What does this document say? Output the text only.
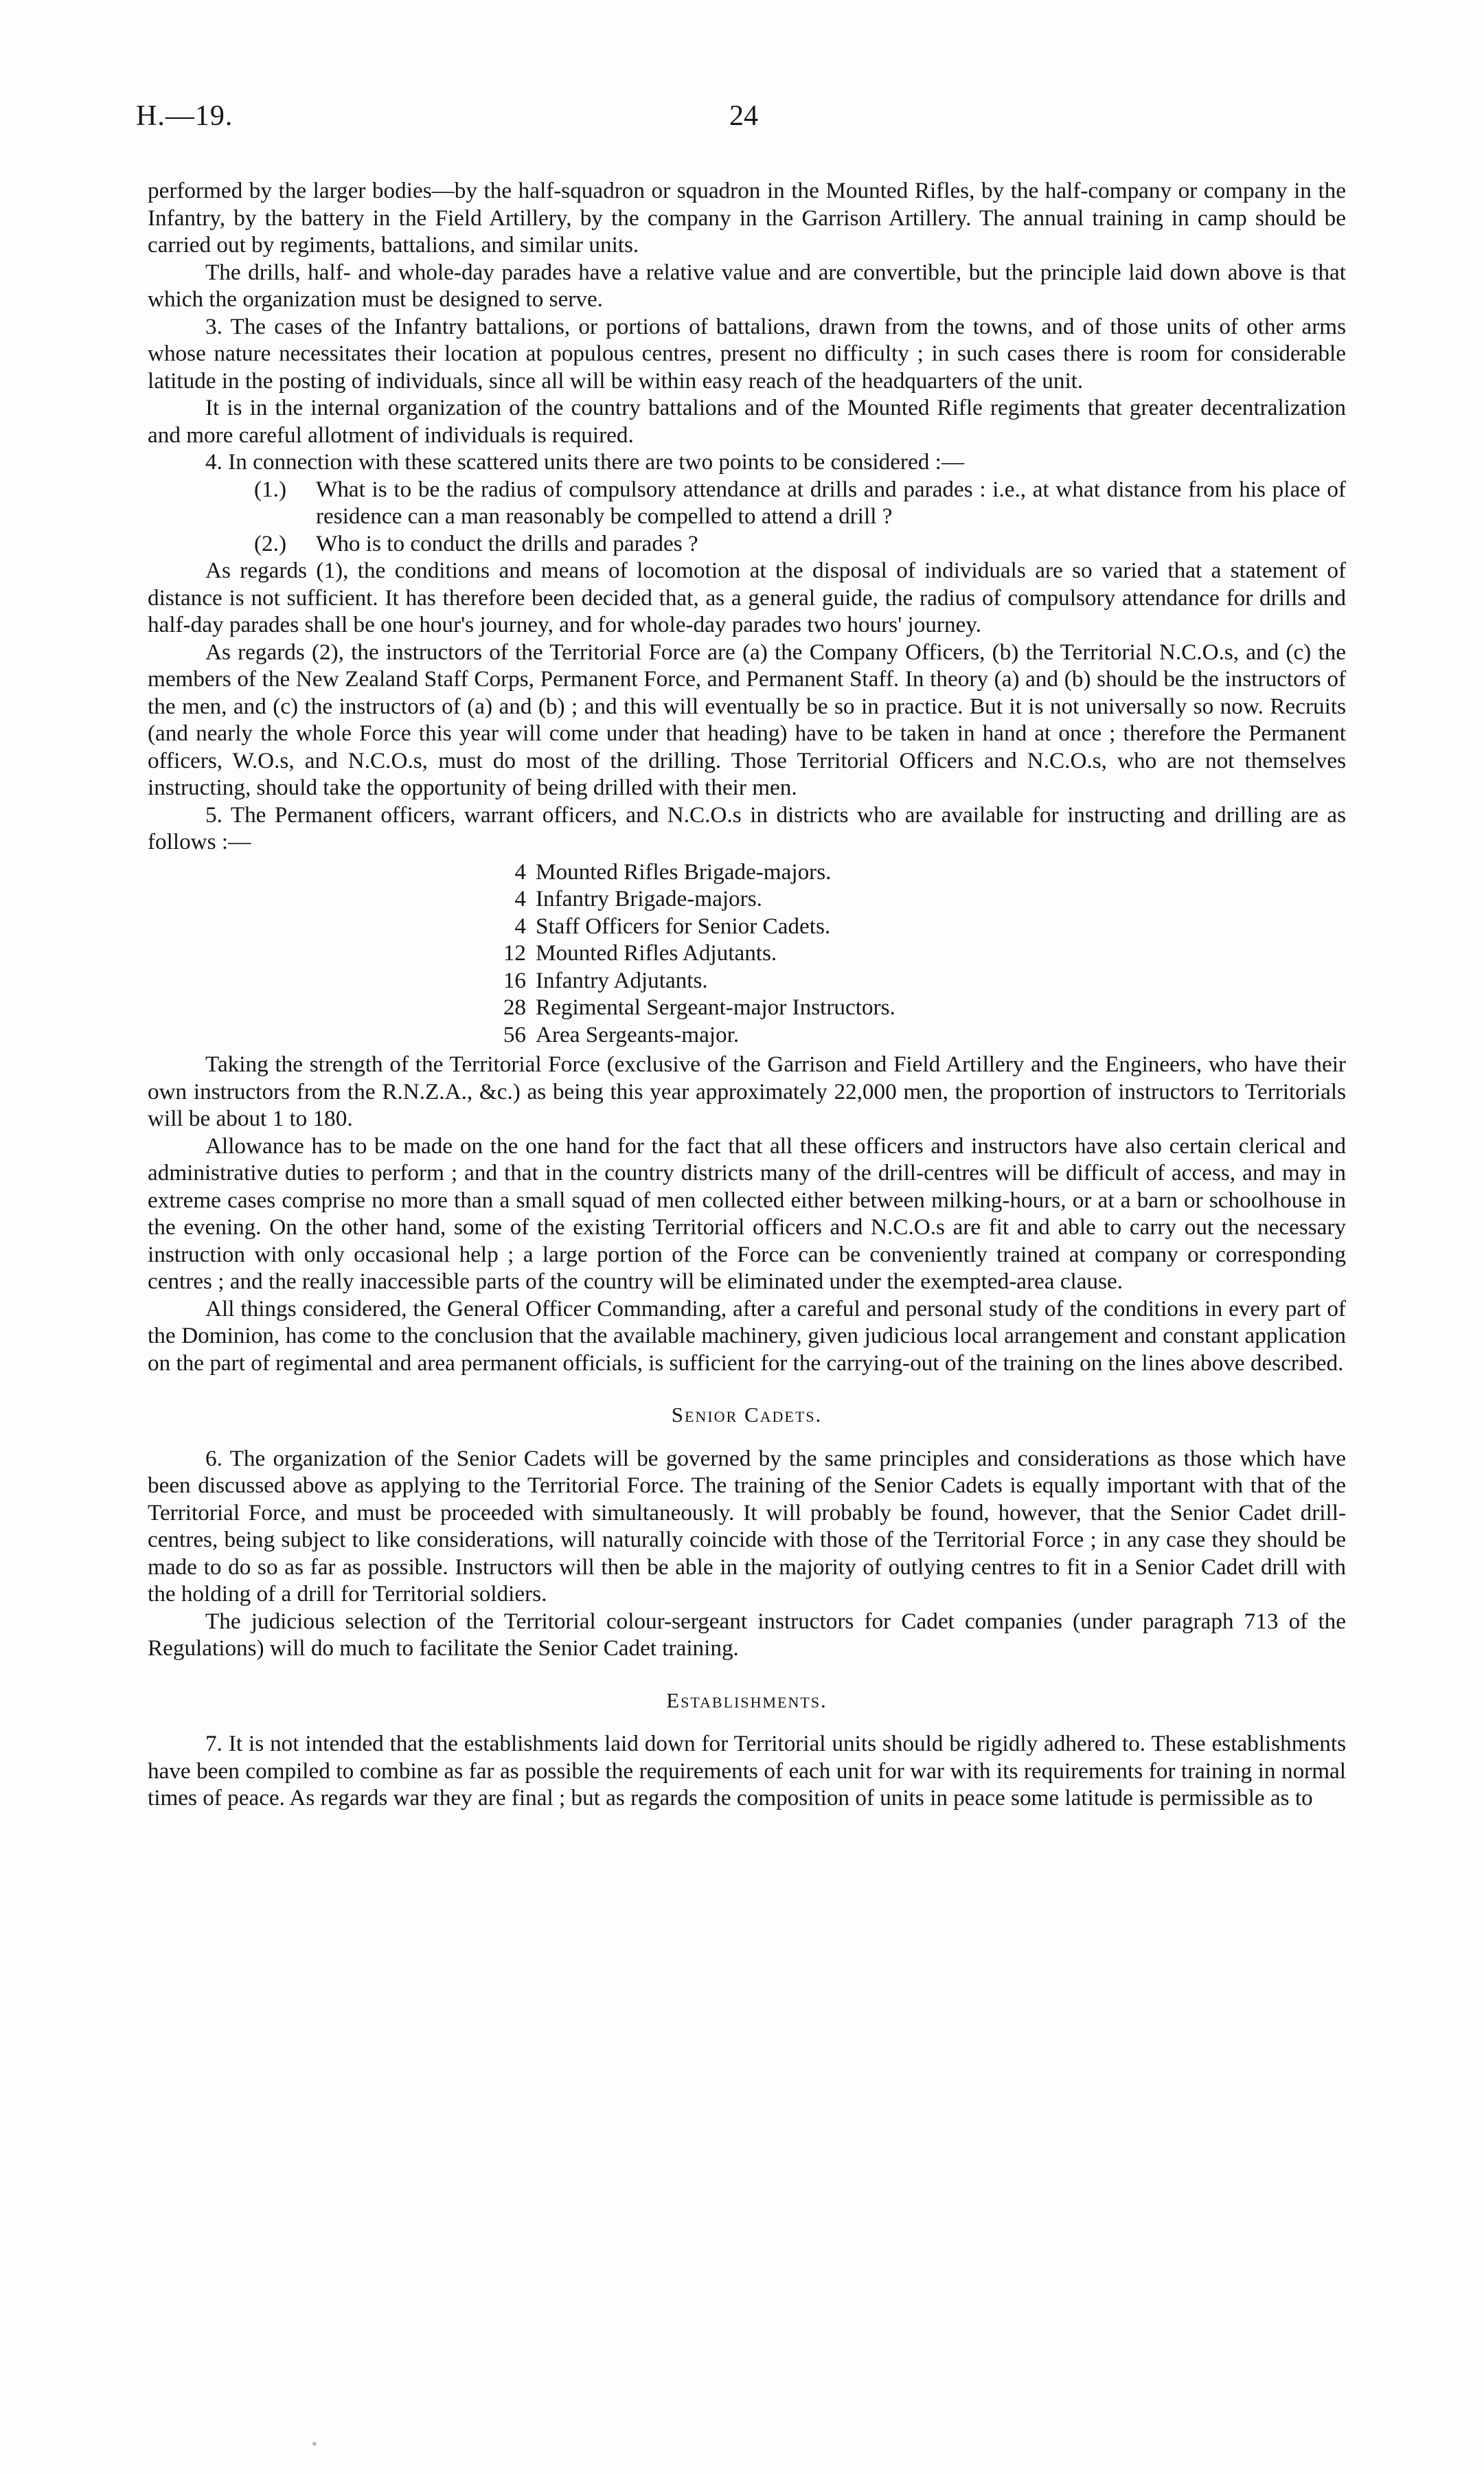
H.—19.	24

performed by the larger bodies—by the half-squadron or squadron in the Mounted Rifles, by the half-company or company in the Infantry, by the battery in the Field Artillery, by the company in the Garrison Artillery. The annual training in camp should be carried out by regiments, battalions, and similar units.

The drills, half- and whole-day parades have a relative value and are convertible, but the principle laid down above is that which the organization must be designed to serve.

3. The cases of the Infantry battalions, or portions of battalions, drawn from the towns, and of those units of other arms whose nature necessitates their location at populous centres, present no difficulty ; in such cases there is room for considerable latitude in the posting of individuals, since all will be within easy reach of the headquarters of the unit.

It is in the internal organization of the country battalions and of the Mounted Rifle regiments that greater decentralization and more careful allotment of individuals is required.

4. In connection with these scattered units there are two points to be considered :—

(1.)	What is to be the radius of compulsory attendance at drills and parades : i.e., at what distance from his place of residence can a man reasonably be compelled to attend a drill ?
(2.)	Who is to conduct the drills and parades ?

As regards (1), the conditions and means of locomotion at the disposal of individuals are so varied that a statement of distance is not sufficient. It has therefore been decided that, as a general guide, the radius of compulsory attendance for drills and half-day parades shall be one hour's journey, and for whole-day parades two hours' journey.

As regards (2), the instructors of the Territorial Force are (a) the Company Officers, (b) the Territorial N.C.O.s, and (c) the members of the New Zealand Staff Corps, Permanent Force, and Permanent Staff. In theory (a) and (b) should be the instructors of the men, and (c) the instructors of (a) and (b) ; and this will eventually be so in practice. But it is not universally so now. Recruits (and nearly the whole Force this year will come under that heading) have to be taken in hand at once ; therefore the Permanent officers, W.O.s, and N.C.O.s, must do most of the drilling. Those Territorial Officers and N.C.O.s, who are not themselves instructing, should take the opportunity of being drilled with their men.

5. The Permanent officers, warrant officers, and N.C.O.s in districts who are available for instructing and drilling are as follows :—

4 Mounted Rifles Brigade-majors.
4 Infantry Brigade-majors.
4 Staff Officers for Senior Cadets.
12 Mounted Rifles Adjutants.
16 Infantry Adjutants.
28 Regimental Sergeant-major Instructors.
56 Area Sergeants-major.

Taking the strength of the Territorial Force (exclusive of the Garrison and Field Artillery and the Engineers, who have their own instructors from the R.N.Z.A., &c.) as being this year approximately 22,000 men, the proportion of instructors to Territorials will be about 1 to 180.

Allowance has to be made on the one hand for the fact that all these officers and instructors have also certain clerical and administrative duties to perform ; and that in the country districts many of the drill-centres will be difficult of access, and may in extreme cases comprise no more than a small squad of men collected either between milking-hours, or at a barn or schoolhouse in the evening. On the other hand, some of the existing Territorial officers and N.C.O.s are fit and able to carry out the necessary instruction with only occasional help ; a large portion of the Force can be conveniently trained at company or corresponding centres ; and the really inaccessible parts of the country will be eliminated under the exempted-area clause.

All things considered, the General Officer Commanding, after a careful and personal study of the conditions in every part of the Dominion, has come to the conclusion that the available machinery, given judicious local arrangement and constant application on the part of regimental and area permanent officials, is sufficient for the carrying-out of the training on the lines above described.

Senior Cadets.

6. The organization of the Senior Cadets will be governed by the same principles and considerations as those which have been discussed above as applying to the Territorial Force. The training of the Senior Cadets is equally important with that of the Territorial Force, and must be proceeded with simultaneously. It will probably be found, however, that the Senior Cadet drill-centres, being subject to like considerations, will naturally coincide with those of the Territorial Force ; in any case they should be made to do so as far as possible. Instructors will then be able in the majority of outlying centres to fit in a Senior Cadet drill with the holding of a drill for Territorial soldiers.

The judicious selection of the Territorial colour-sergeant instructors for Cadet companies (under paragraph 713 of the Regulations) will do much to facilitate the Senior Cadet training.

Establishments.

7. It is not intended that the establishments laid down for Territorial units should be rigidly adhered to. These establishments have been compiled to combine as far as possible the requirements of each unit for war with its requirements for training in normal times of peace. As regards war they are final ; but as regards the composition of units in peace some latitude is permissible as to
